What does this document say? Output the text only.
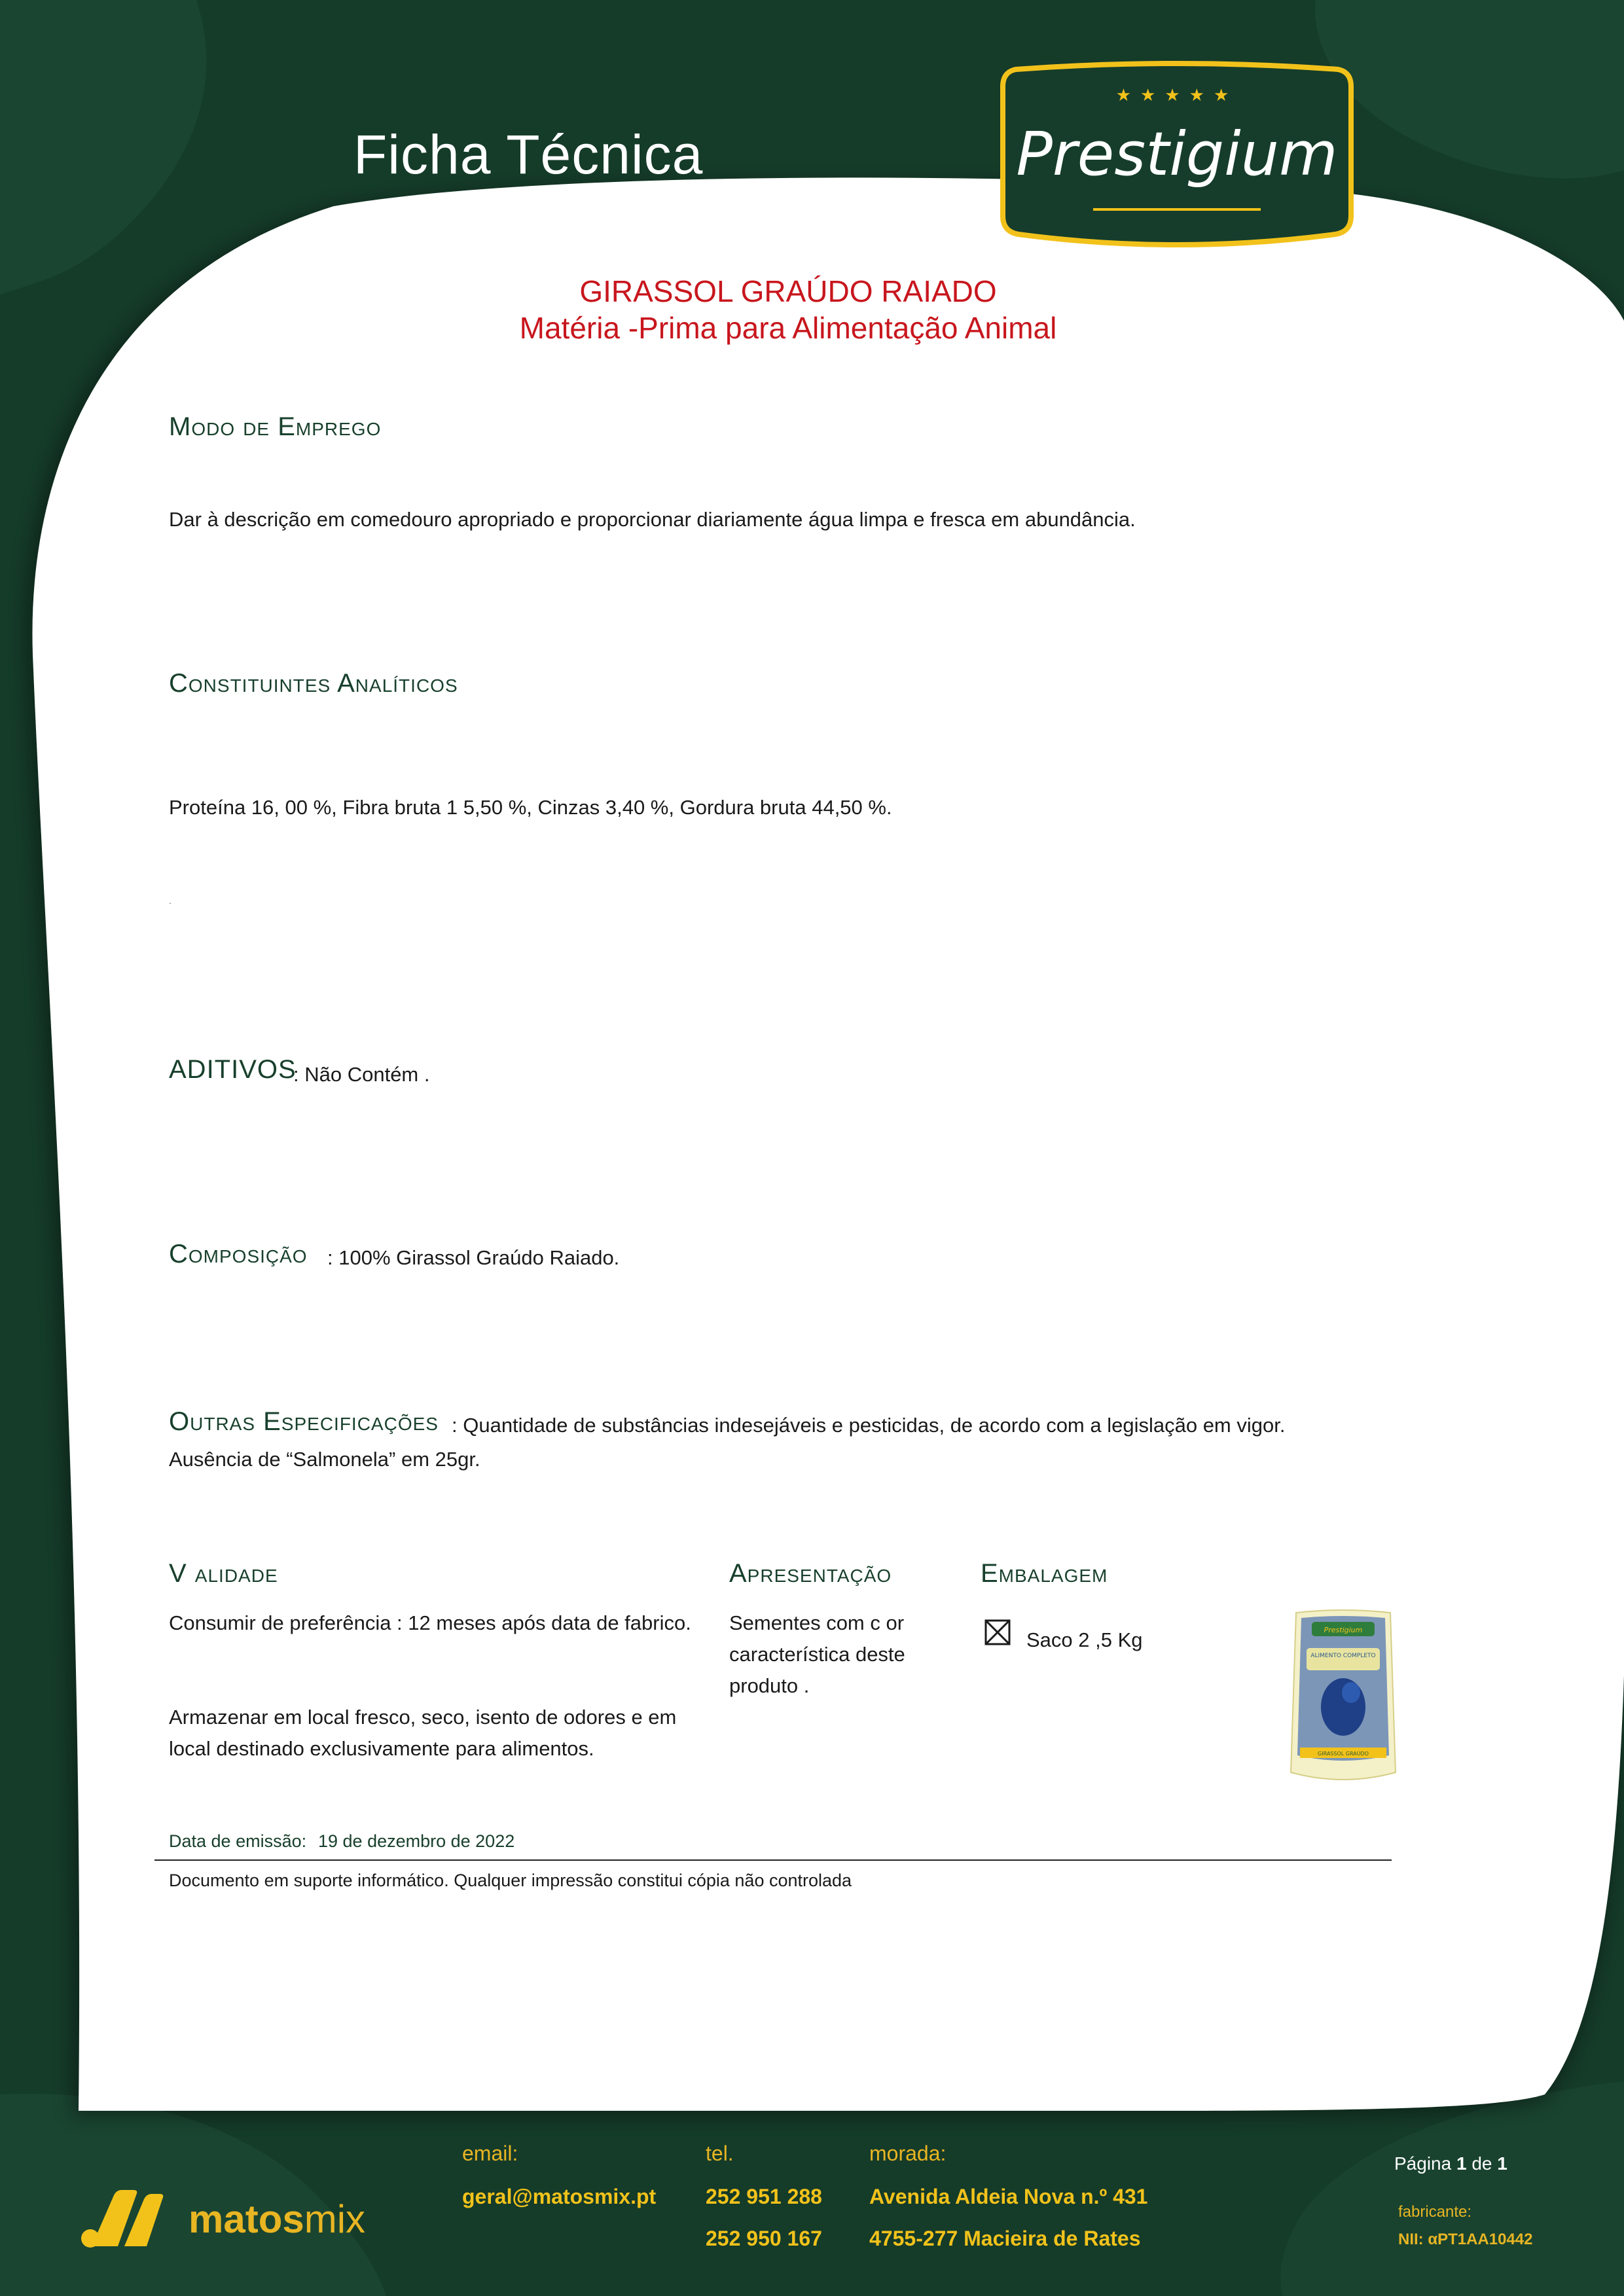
Ficha Técnica
★★★★★
Prestigium
GIRASSOL GRAÚDO RAIADO
Matéria -Prima para Alimentação Animal
Modo de Emprego
Dar à descrição em comedouro apropriado e proporcionar diariamente água limpa e fresca em abundância.
Constituintes Analíticos
Proteína 16, 00 %, Fibra bruta 1 5,50 %, Cinzas 3,40 %, Gordura bruta 44,50 %.
.
ADITIVOS
: Não Contém .
Composição : 100% Girassol Graúdo Raiado.
Outras Especificações : Quantidade de substâncias indesejáveis e pesticidas, de acordo com a legislação em vigor.
Ausência de “Salmonela” em 25gr.
V alidade
Consumir de preferência : 12 meses após data de fabrico.
Armazenar em local fresco, seco, isento de odores e em local destinado exclusivamente para alimentos.
Apresentação
Sementes com c or característica deste produto .
Embalagem
Saco 2 ,5 Kg	Prestigium
ALIMENTO COMPLETO
GIRASSOL GRAÚDO
Data de emissão: 19 de dezembro de 2022
Documento em suporte informático. Qualquer impressão constitui cópia não controlada
matosmix
email:
geral@matosmix.pt
tel.
252 951 288
252 950 167
morada:
Avenida Aldeia Nova n.º 431
4755-277 Macieira de Rates
Página 1 de 1
fabricante:
NII: αPT1AA10442
